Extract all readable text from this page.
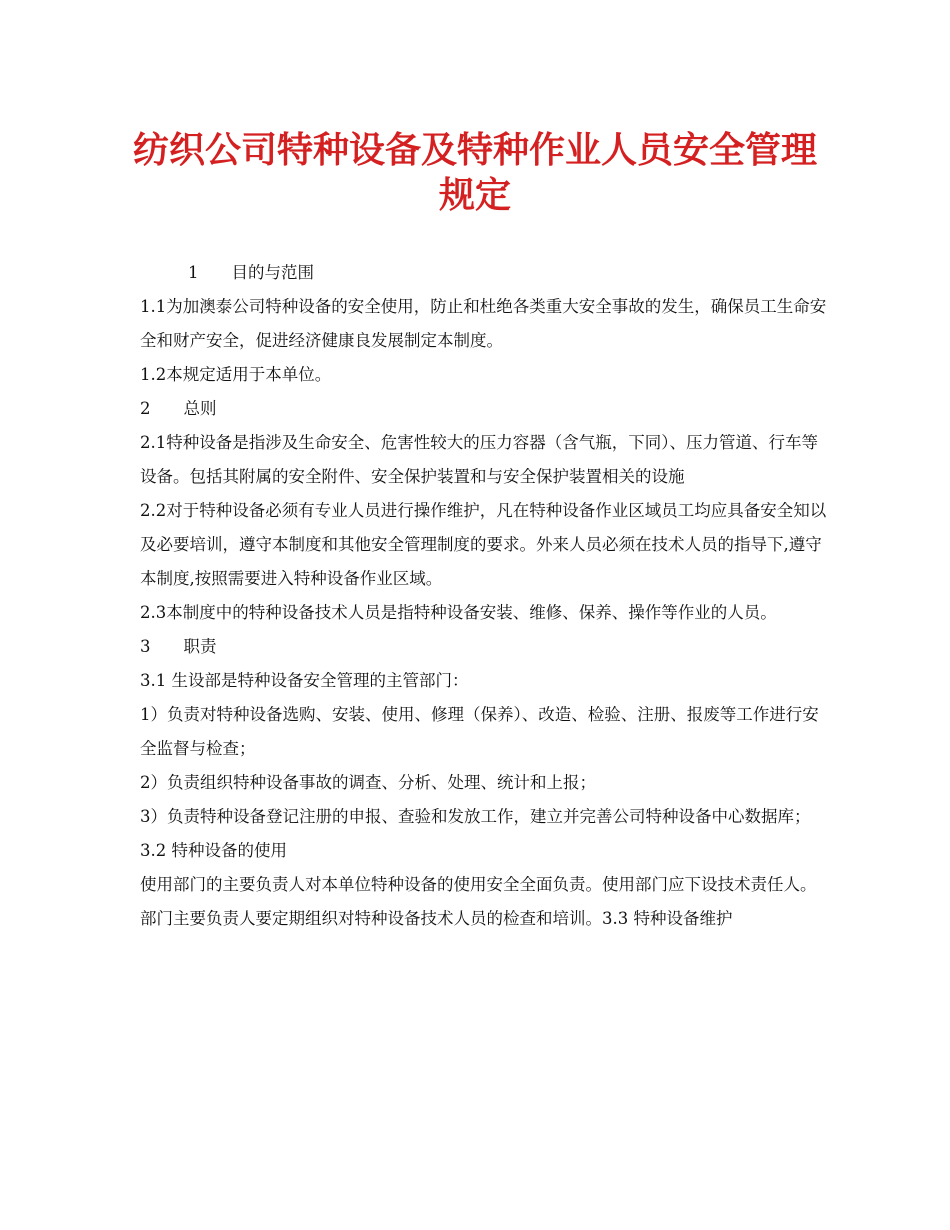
纺织公司特种设备及特种作业人员安全管理
规定

1　　目的与范围

1.1为加澳泰公司特种设备的安全使用，防止和杜绝各类重大安全事故的发生，确保员工生命安全和财产安全，促进经济健康良发展制定本制度。

1.2本规定适用于本单位。

2　　总则

2.1特种设备是指涉及生命安全、危害性较大的压力容器（含气瓶，下同）、压力管道、行车等设备。包括其附属的安全附件、安全保护装置和与安全保护装置相关的设施

2.2对于特种设备必须有专业人员进行操作维护，凡在特种设备作业区域员工均应具备安全知以及必要培训，遵守本制度和其他安全管理制度的要求。外来人员必须在技术人员的指导下,遵守本制度,按照需要进入特种设备作业区域。

2.3本制度中的特种设备技术人员是指特种设备安装、维修、保养、操作等作业的人员。

3　　职责

3.1 生设部是特种设备安全管理的主管部门：

1）负责对特种设备选购、安装、使用、修理（保养）、改造、检验、注册、报废等工作进行安全监督与检查；

2）负责组织特种设备事故的调查、分析、处理、统计和上报；

3）负责特种设备登记注册的申报、查验和发放工作，建立并完善公司特种设备中心数据库；

3.2 特种设备的使用

使用部门的主要负责人对本单位特种设备的使用安全全面负责。使用部门应下设技术责任人。部门主要负责人要定期组织对特种设备技术人员的检查和培训。3.3 特种设备维护
